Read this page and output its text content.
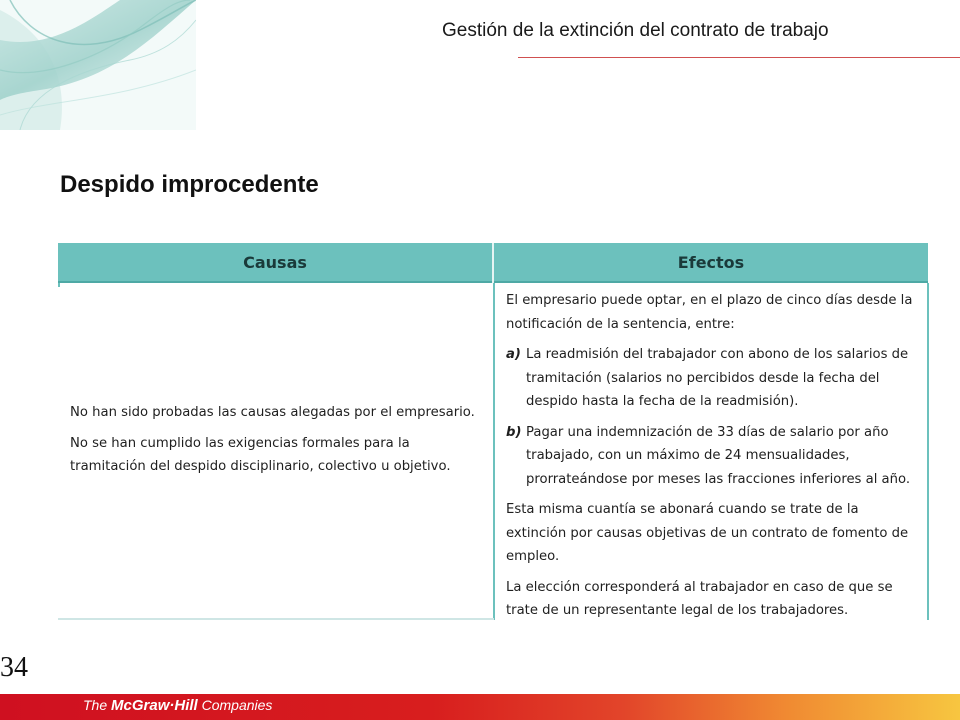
Gestión de la extinción del contrato de trabajo
Despido improcedente
Causas	Efectos

No han sido probadas las causas alegadas por el empresario.

No se han cumplido las exigencias formales para la tramitación del despido disciplinario, colectivo u objetivo.

El empresario puede optar, en el plazo de cinco días desde la notificación de la sentencia, entre:

a) La readmisión del trabajador con abono de los salarios de tramitación (salarios no percibidos desde la fecha del despido hasta la fecha de la readmisión).

b) Pagar una indemnización de 33 días de salario por año trabajado, con un máximo de 24 mensualidades, prorrateándose por meses las fracciones inferiores al año.

Esta misma cuantía se abonará cuando se trate de la extinción por causas objetivas de un contrato de fomento de empleo.

La elección corresponderá al trabajador en caso de que se trate de un representante legal de los trabajadores.

34
The McGraw·Hill Companies
